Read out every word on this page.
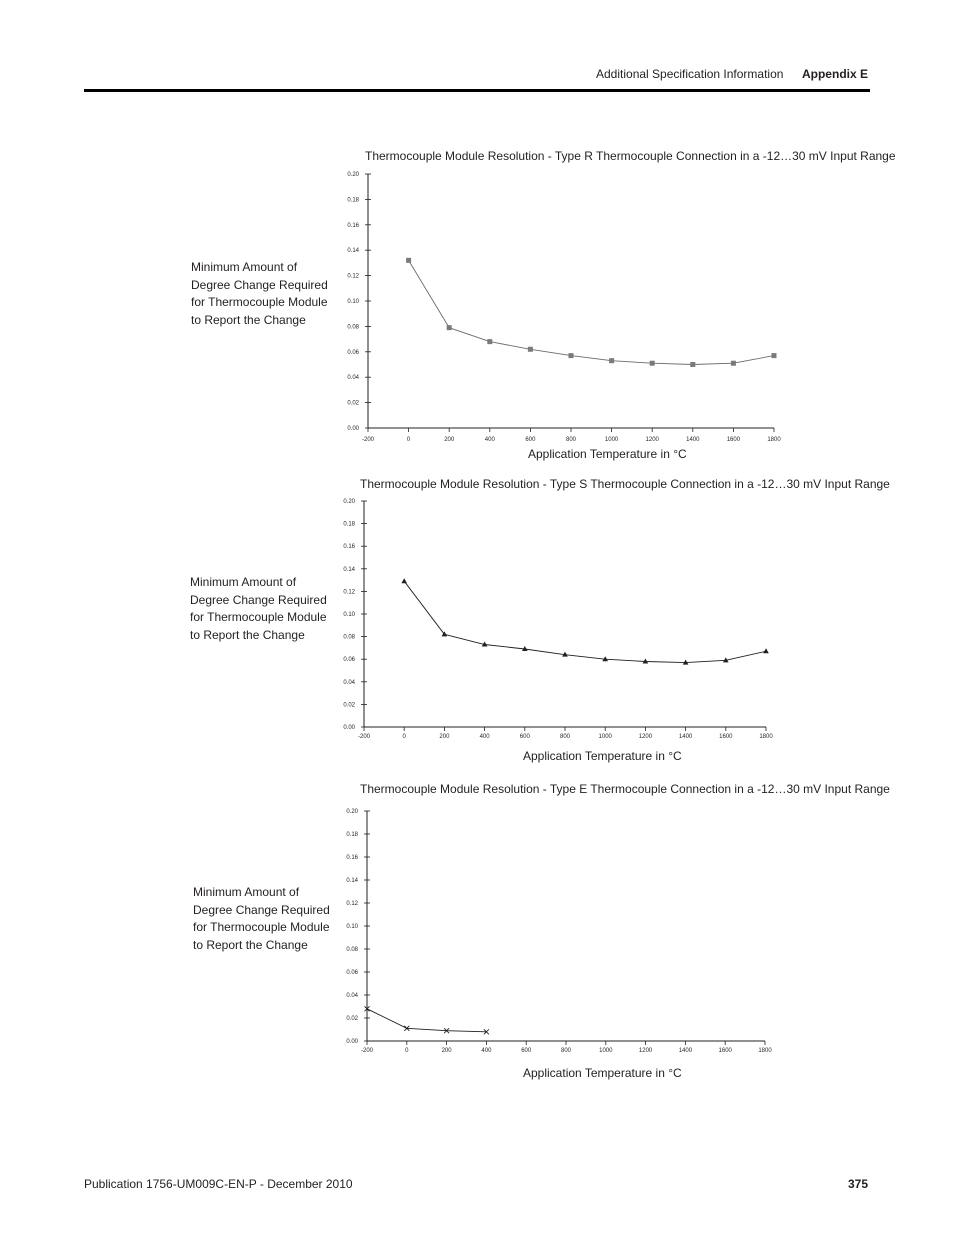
Additional Specification Information Appendix E
Thermocouple Module Resolution - Type R Thermocouple Connection in a -12…30 mV Input Range
Minimum Amount of
Degree Change Required
for Thermocouple Module
to Report the Change
0.00
0.02
0.04
0.06
0.08
0.10
0.12
0.14
0.16
0.18
0.20
-200	0	200	400	600	800	1000	1200	1400	1600	1800
Application Temperature in °C
Thermocouple Module Resolution - Type S Thermocouple Connection in a -12…30 mV Input Range
Minimum Amount of
Degree Change Required
for Thermocouple Module
to Report the Change
0.00
0.02
0.04
0.06
0.08
0.10
0.12
0.14
0.16
0.18
0.20
-200	0	200	400	600	800	1000	1200	1400	1600	1800
Application Temperature in °C
Thermocouple Module Resolution - Type E Thermocouple Connection in a -12…30 mV Input Range
Minimum Amount of
Degree Change Required
for Thermocouple Module
to Report the Change
0.00
0.02
0.04
0.06
0.08
0.10
0.12
0.14
0.16
0.18
0.20
-200	0	200	400	600	800	1000	1200	1400	1600	1800
Application Temperature in °C
Publication 1756-UM009C-EN-P - December 2010	375
